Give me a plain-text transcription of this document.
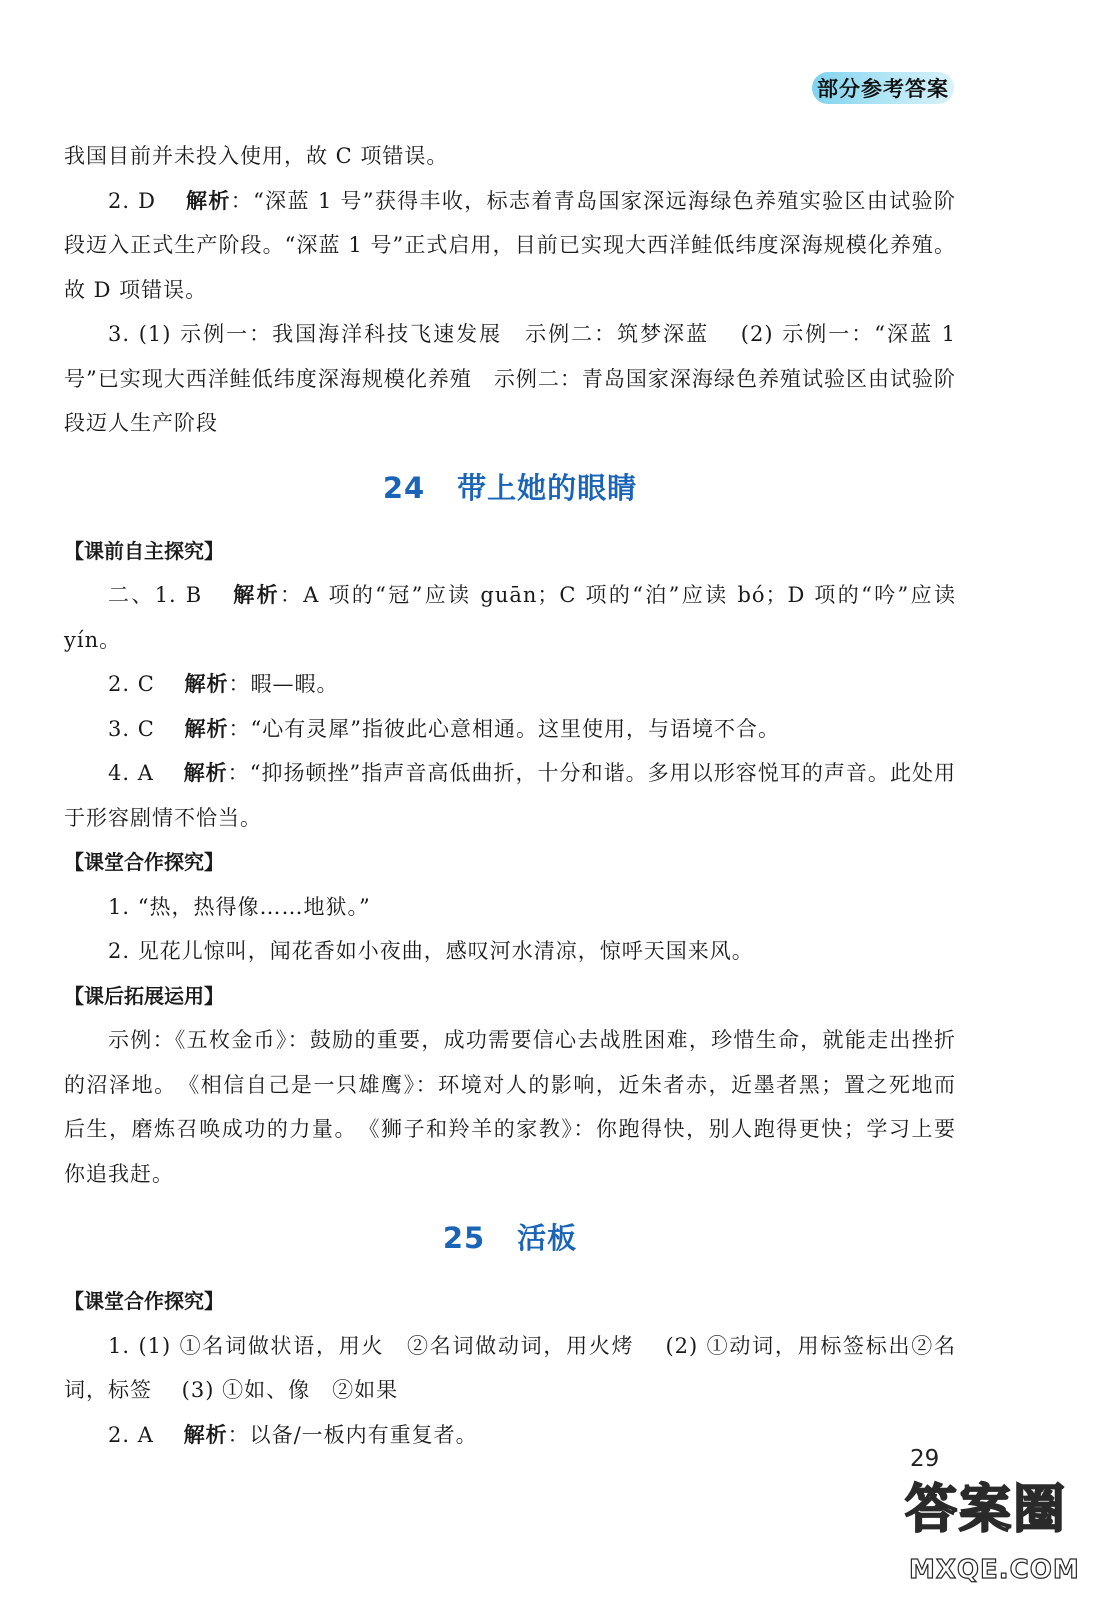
部分参考答案

我国目前并未投入使用，故 C 项错误。

2. D 解析：“深蓝 1 号”获得丰收，标志着青岛国家深远海绿色养殖实验区由试验阶段迈入正式生产阶段。“深蓝 1 号”正式启用，目前已实现大西洋鲑低纬度深海规模化养殖。故 D 项错误。

3. (1) 示例一：我国海洋科技飞速发展　示例二：筑梦深蓝　 (2) 示例一：“深蓝 1 号”已实现大西洋鲑低纬度深海规模化养殖　示例二：青岛国家深海绿色养殖试验区由试验阶段迈人生产阶段

24 带上她的眼睛

【课前自主探究】

二、1. B 解析：A 项的“冠”应读 guān；C 项的“泊”应读 bó；D 项的“吟”应读 yín。

2. C 解析：暇—暇。

3. C 解析：“心有灵犀”指彼此心意相通。这里使用，与语境不合。

4. A 解析：“抑扬顿挫”指声音高低曲折，十分和谐。多用以形容悦耳的声音。此处用于形容剧情不恰当。

【课堂合作探究】

1. “热，热得像……地狱。”

2. 见花儿惊叫，闻花香如小夜曲，感叹河水清凉，惊呼天国来风。

【课后拓展运用】

示例：《五枚金币》：鼓励的重要，成功需要信心去战胜困难，珍惜生命，就能走出挫折的沼泽地。　《相信自己是一只雄鹰》：环境对人的影响，近朱者赤，近墨者黑；置之死地而后生，磨炼召唤成功的力量。　《狮子和羚羊的家教》：你跑得快，别人跑得更快；学习上要你追我赶。

25 活板

【课堂合作探究】

1. (1) ①名词做状语，用火　②名词做动词，用火烤　 (2) ①动词，用标签标出②名词，标签　 (3) ①如、像　②如果

2. A 解析：以备/一板内有重复者。

29
答案圈
MXQE.COM
